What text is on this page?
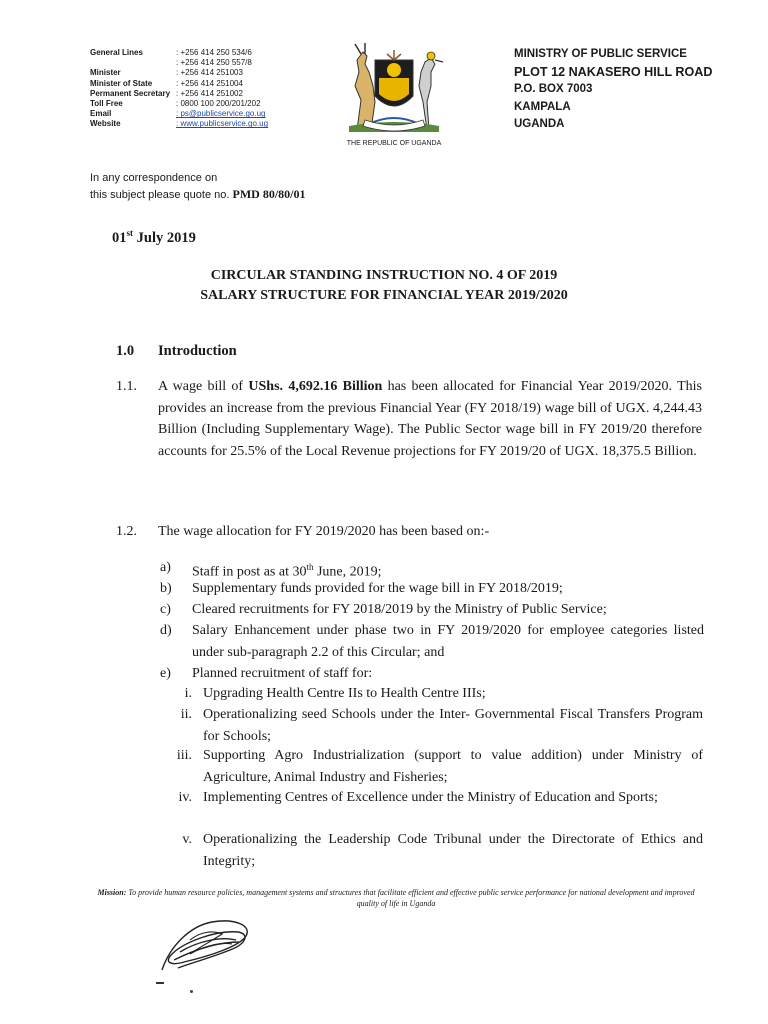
General Lines	: +256 414 250 534/6
: +256 414 250 557/8
Minister	: +256 414 251003
Minister of State	: +256 414 251004
Permanent Secretary : +256 414 251002
Toll Free	: 0800 100 200/201/202
Email	: ps@publicservice.go.ug
Website	: www.publicservice.go.ug
THE REPUBLIC OF UGANDA
MINISTRY OF PUBLIC SERVICE
PLOT 12 NAKASERO HILL ROAD
P.O. BOX 7003
KAMPALA
UGANDA
In any correspondence on
this subject please quote no. PMD 80/80/01
01st July 2019
CIRCULAR STANDING INSTRUCTION NO. 4 OF 2019
SALARY STRUCTURE FOR FINANCIAL YEAR 2019/2020
1.0 Introduction
1.1. A wage bill of UShs. 4,692.16 Billion has been allocated for Financial Year 2019/2020. This provides an increase from the previous Financial Year (FY 2018/19) wage bill of UGX. 4,244.43 Billion (Including Supplementary Wage). The Public Sector wage bill in FY 2019/20 therefore accounts for 25.5% of the Local Revenue projections for FY 2019/20 of UGX. 18,375.5 Billion.
1.2. The wage allocation for FY 2019/2020 has been based on:-
a) Staff in post as at 30th June, 2019;
b) Supplementary funds provided for the wage bill in FY 2018/2019;
c) Cleared recruitments for FY 2018/2019 by the Ministry of Public Service;
d) Salary Enhancement under phase two in FY 2019/2020 for employee categories listed under sub-paragraph 2.2 of this Circular; and
e) Planned recruitment of staff for:
i. Upgrading Health Centre IIs to Health Centre IIIs;
ii. Operationalizing seed Schools under the Inter- Governmental Fiscal Transfers Program for Schools;
iii. Supporting Agro Industrialization (support to value addition) under Ministry of Agriculture, Animal Industry and Fisheries;
iv. Implementing Centres of Excellence under the Ministry of Education and Sports;
v. Operationalizing the Leadership Code Tribunal under the Directorate of Ethics and Integrity;
Mission: To provide human resource policies, management systems and structures that facilitate efficient and effective public service performance for national development and improved quality of life in Uganda
